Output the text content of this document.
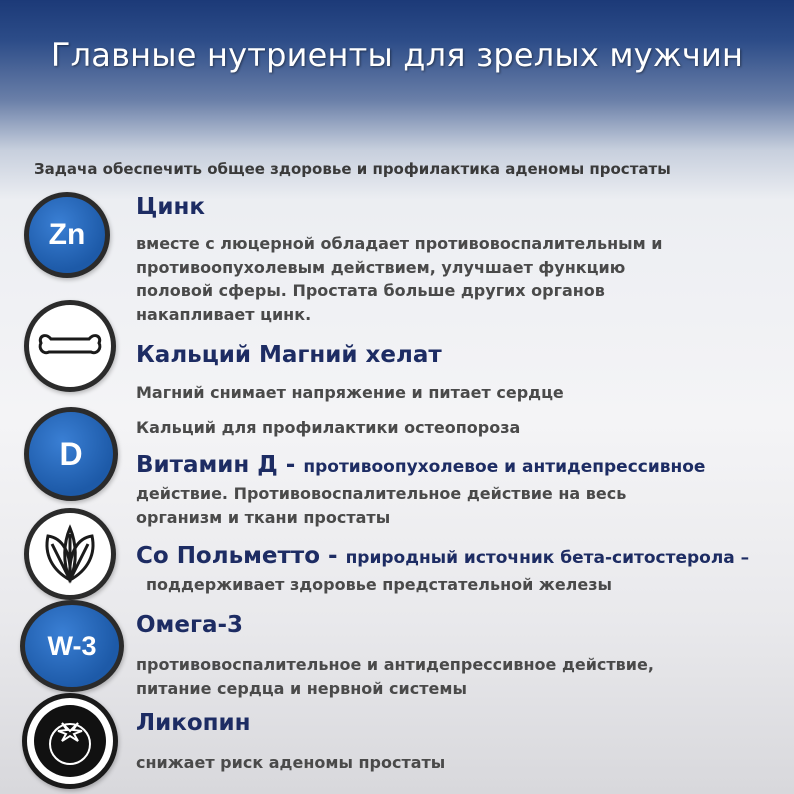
Главные нутриенты для зрелых мужчин
Задача обеспечить общее здоровье и профилактика аденомы простаты
Zn
Цинк
вместе с люцерной обладает противовоспалительным и
противоопухолевым действием, улучшает функцию
половой сферы. Простата больше других органов
накапливает цинк.
Кальций Магний хелат
Магний снимает напряжение и питает сердце
Кальций для профилактики остеопороза
D Витамин Д - противоопухолевое и антидепрессивное
действие. Противовоспалительное действие на весь
организм и ткани простаты
Со Польметто - природный источник бета-ситостерола –
поддерживает здоровье предстательной железы
W-3
Омега-3
противовоспалительное и антидепрессивное действие,
питание сердца и нервной системы
Ликопин
снижает риск аденомы простаты
